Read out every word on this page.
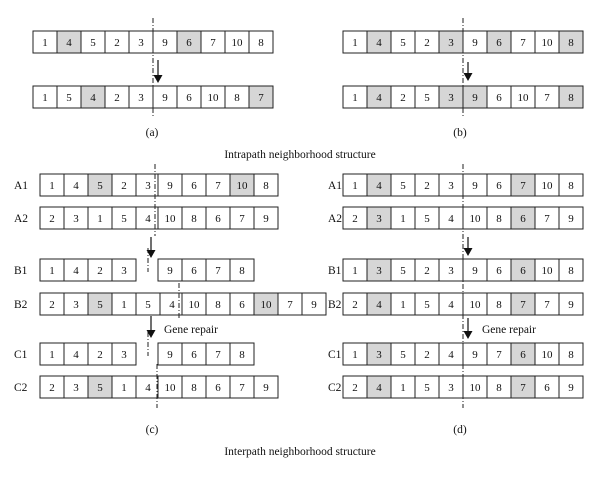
1 4 5 2 3 9 6 7 10 8
1 5 4 2 3 9 6 10 8 7
1 4 5 2 3 9 6 7 10 8
1 4 2 5 3 9 6 10 7 8
A1 1 4 5 2 3 9 6 7 10 8
A2 2 3 1 5 4 10 8 6 7 9
B1 1 4 2 3	9 6 7 8
B2 2 3 5 1 5 4 10 8 6 10 7 9
C1 1 4 2 3	9 6 7 8
C2 2 3 5 1 4 10 8 6 7 9
A1 1 4 5 2 3 9 6 7 10 8
A2 2 3 1 5 4 10 8 6 7 9
B1 1 3 5 2 3 9 6 6 10 8
B2 2 4 1 5 4 10 8 7 7 9
C1 1 3 5 2 4 9 7 6 10 8
C2 2 4 1 5 3 10 8 7 6 9
(a)	(b)
Intrapath neighborhood structure
(c)	(d)
Interpath neighborhood structure
Gene repair	Gene repair
